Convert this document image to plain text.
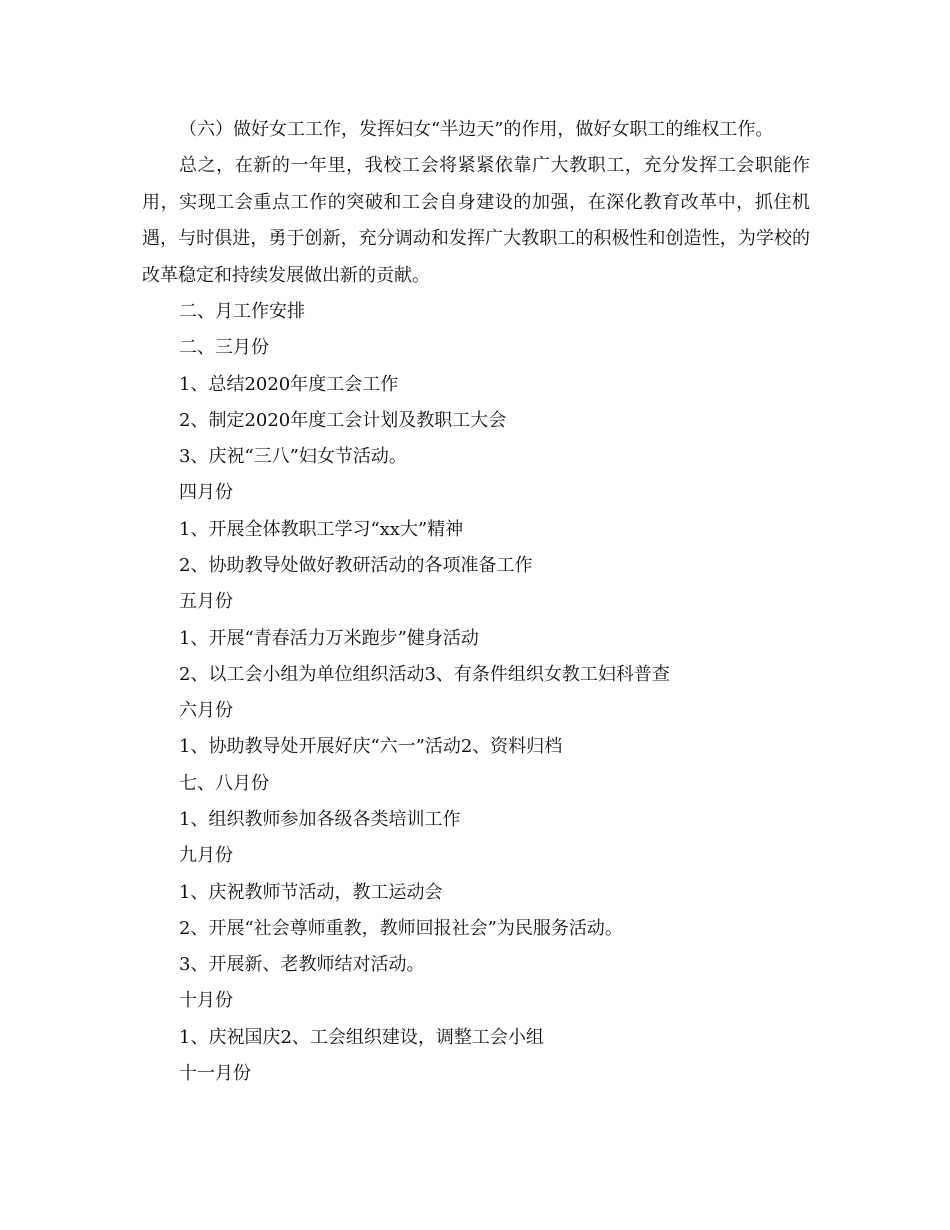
（六）做好女工工作，发挥妇女“半边天”的作用，做好女职工的维权工作。

总之，在新的一年里，我校工会将紧紧依靠广大教职工，充分发挥工会职能作用，实现工会重点工作的突破和工会自身建设的加强，在深化教育改革中，抓住机遇，与时俱进，勇于创新，充分调动和发挥广大教职工的积极性和创造性，为学校的改革稳定和持续发展做出新的贡献。

二、月工作安排

二、三月份

1、总结2020年度工会工作

2、制定2020年度工会计划及教职工大会

3、庆祝“三八”妇女节活动。

四月份

1、开展全体教职工学习“xx大”精神

2、协助教导处做好教研活动的各项准备工作

五月份

1、开展“青春活力万米跑步”健身活动

2、以工会小组为单位组织活动3、有条件组织女教工妇科普查

六月份

1、协助教导处开展好庆“六一”活动2、资料归档

七、八月份

1、组织教师参加各级各类培训工作

九月份

1、庆祝教师节活动，教工运动会

2、开展“社会尊师重教，教师回报社会”为民服务活动。

3、开展新、老教师结对活动。

十月份

1、庆祝国庆2、工会组织建设，调整工会小组

十一月份
